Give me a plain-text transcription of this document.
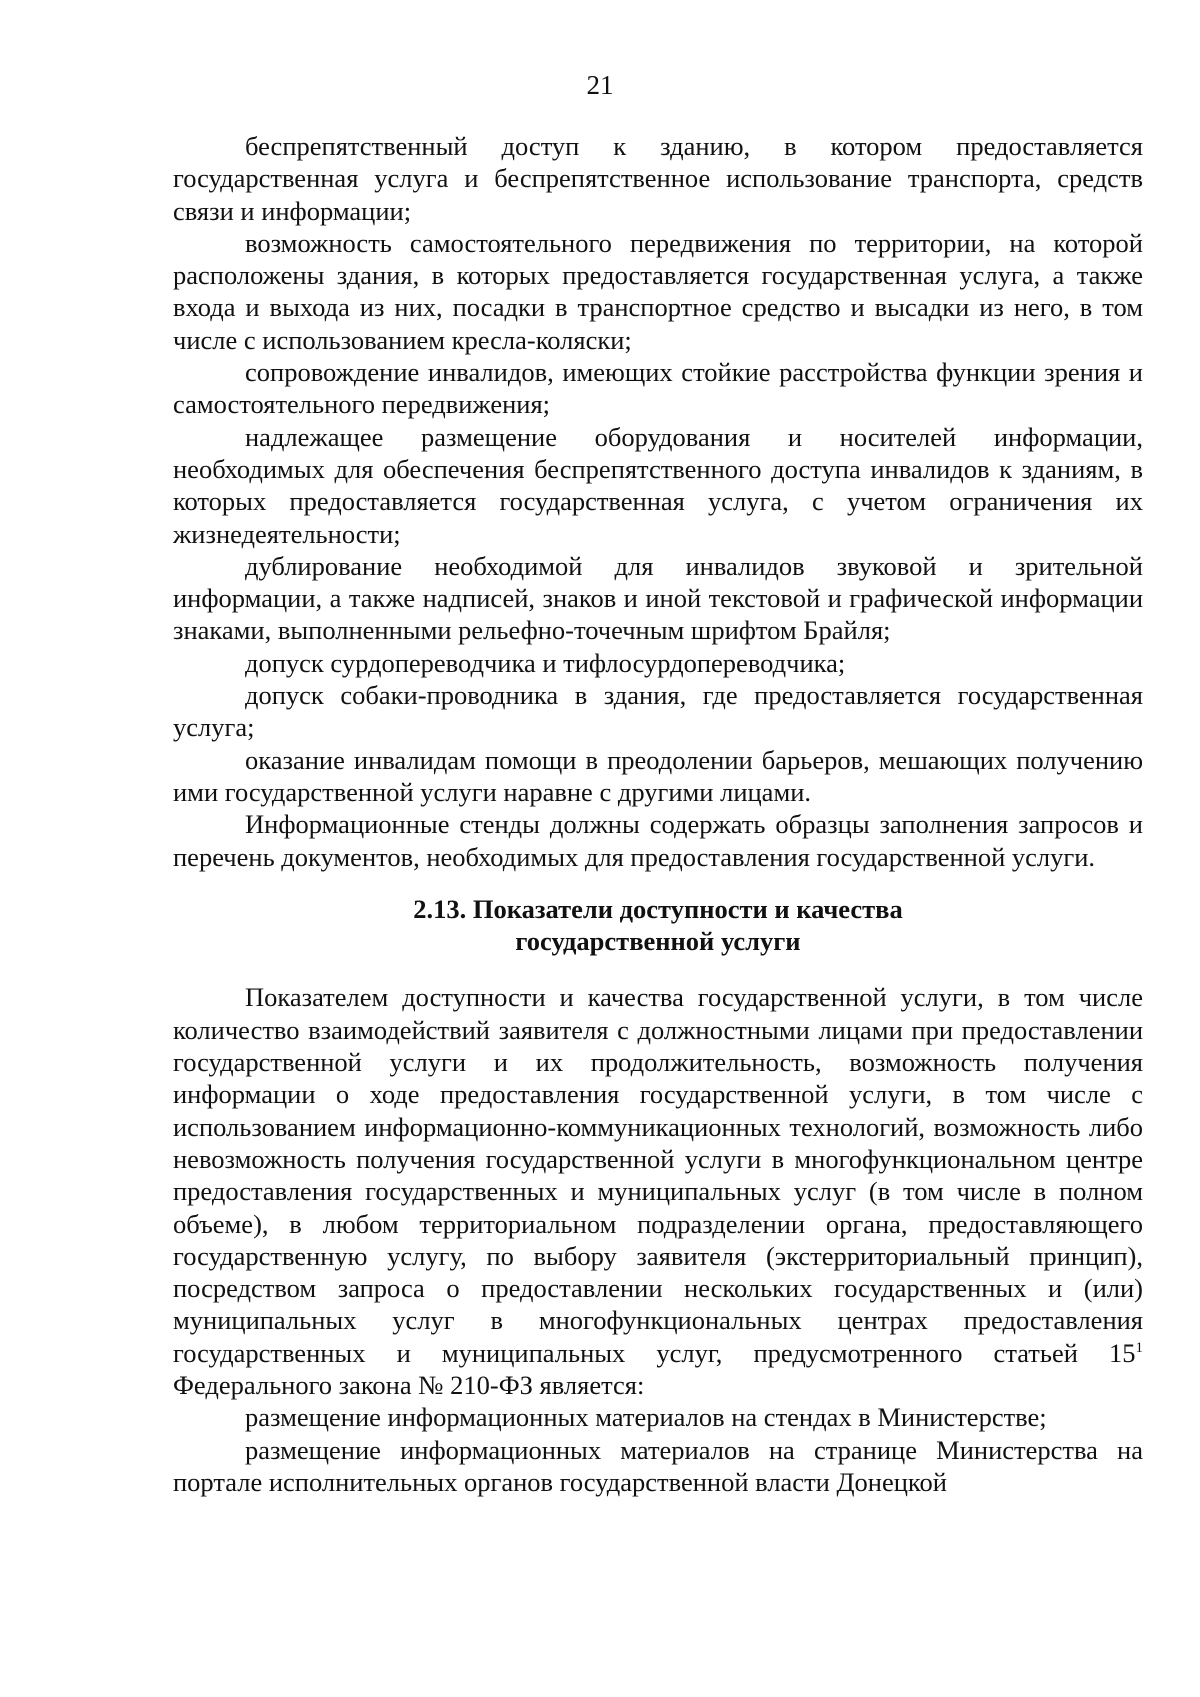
21

беспрепятственный доступ к зданию, в котором предоставляется государственная услуга и беспрепятственное использование транспорта, средств связи и информации;

возможность самостоятельного передвижения по территории, на которой расположены здания, в которых предоставляется государственная услуга, а также входа и выхода из них, посадки в транспортное средство и высадки из него, в том числе с использованием кресла-коляски;

сопровождение инвалидов, имеющих стойкие расстройства функции зрения и самостоятельного передвижения;

надлежащее размещение оборудования и носителей информации, необходимых для обеспечения беспрепятственного доступа инвалидов к зданиям, в которых предоставляется государственная услуга, с учетом ограничения их жизнедеятельности;

дублирование необходимой для инвалидов звуковой и зрительной информации, а также надписей, знаков и иной текстовой и графической информации знаками, выполненными рельефно-точечным шрифтом Брайля;

допуск сурдопереводчика и тифлосурдопереводчика;

допуск собаки-проводника в здания, где предоставляется государственная услуга;

оказание инвалидам помощи в преодолении барьеров, мешающих получению ими государственной услуги наравне с другими лицами.

Информационные стенды должны содержать образцы заполнения запросов и перечень документов, необходимых для предоставления государственной услуги.

2.13. Показатели доступности и качества
государственной услуги

Показателем доступности и качества государственной услуги, в том числе количество взаимодействий заявителя с должностными лицами при предоставлении государственной услуги и их продолжительность, возможность получения информации о ходе предоставления государственной услуги, в том числе с использованием информационно-коммуникационных технологий, возможность либо невозможность получения государственной услуги в многофункциональном центре предоставления государственных и муниципальных услуг (в том числе в полном объеме), в любом территориальном подразделении органа, предоставляющего государственную услугу, по выбору заявителя (экстерриториальный принцип), посредством запроса о предоставлении нескольких государственных и (или) муниципальных услуг в многофункциональных центрах предоставления государственных и муниципальных услуг, предусмотренного статьей $15^1$ Федерального закона № 210-ФЗ является:

размещение информационных материалов на стендах в Министерстве;

размещение информационных материалов на странице Министерства на портале исполнительных органов государственной власти Донецкой
